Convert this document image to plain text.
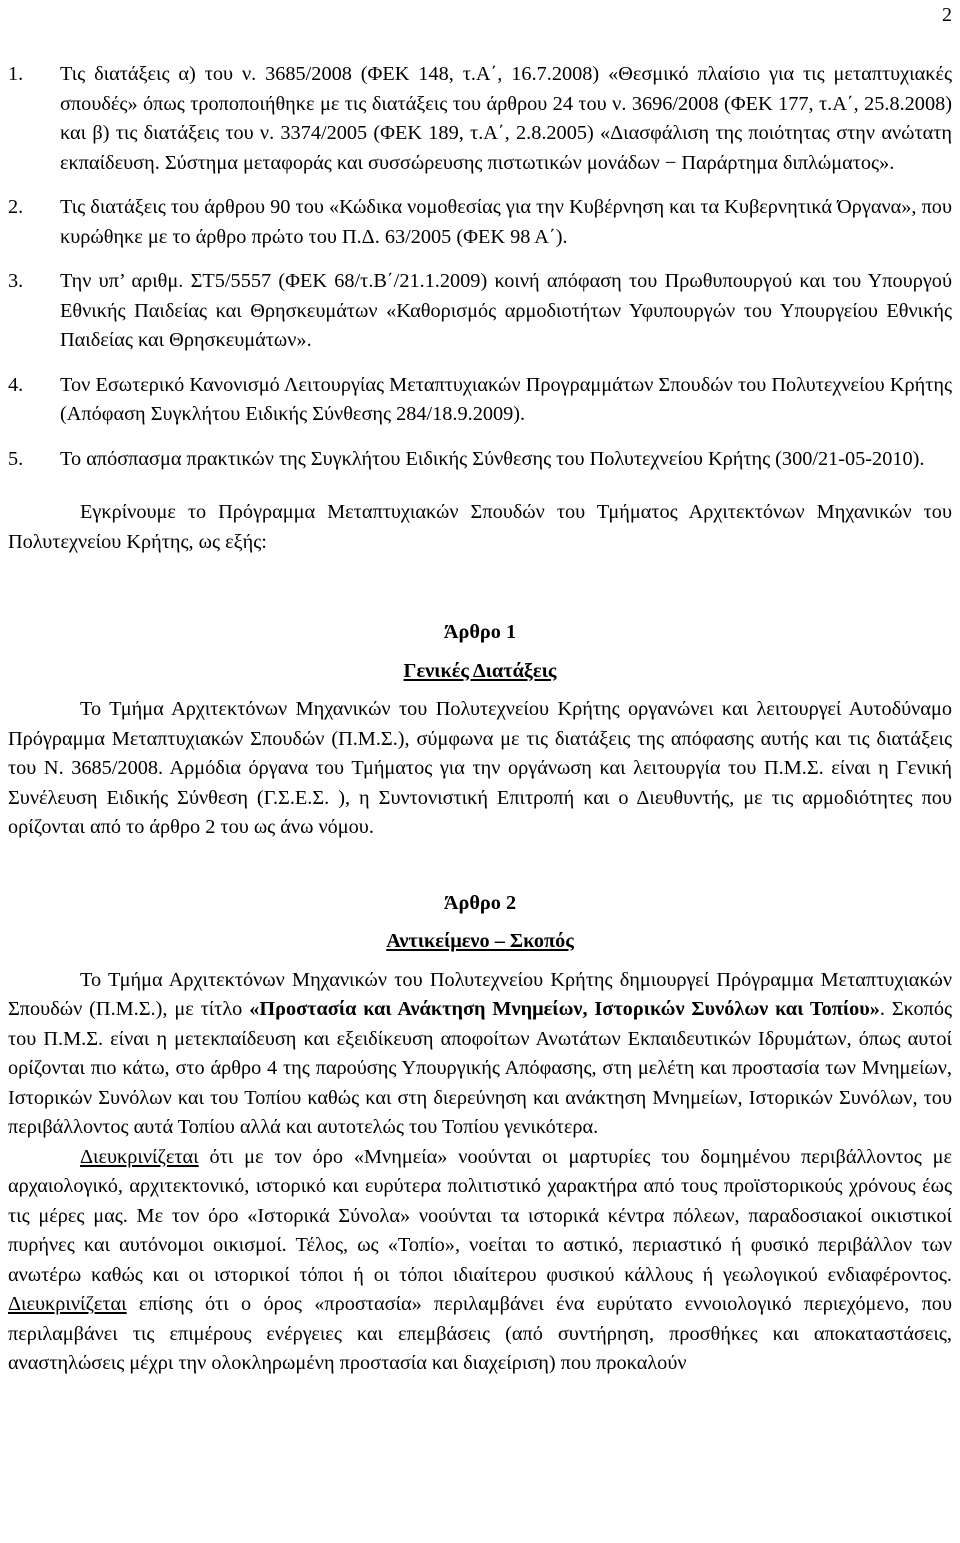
2
1. Τις διατάξεις α) του ν. 3685/2008 (ΦΕΚ 148, τ.Α΄, 16.7.2008) «Θεσμικό πλαίσιο για τις μεταπτυχιακές σπουδές» όπως τροποποιήθηκε με τις διατάξεις του άρθρου 24 του ν. 3696/2008 (ΦΕΚ 177, τ.Α΄, 25.8.2008) και β) τις διατάξεις του ν. 3374/2005 (ΦΕΚ 189, τ.Α΄, 2.8.2005) «Διασφάλιση της ποιότητας στην ανώτατη εκπαίδευση. Σύστημα μεταφοράς και συσσώρευσης πιστωτικών μονάδων − Παράρτημα διπλώματος».
2. Τις διατάξεις του άρθρου 90 του «Κώδικα νομοθεσίας για την Κυβέρνηση και τα Κυβερνητικά Όργανα», που κυρώθηκε με το άρθρο πρώτο του Π.Δ. 63/2005 (ΦΕΚ 98 Α΄).
3. Την υπ’ αριθμ. ΣΤ5/5557 (ΦΕΚ 68/τ.Β΄/21.1.2009) κοινή απόφαση του Πρωθυπουργού και του Υπουργού Εθνικής Παιδείας και Θρησκευμάτων «Καθορισμός αρμοδιοτήτων Υφυπουργών του Υπουργείου Εθνικής Παιδείας και Θρησκευμάτων».
4. Τον Εσωτερικό Κανονισμό Λειτουργίας Μεταπτυχιακών Προγραμμάτων Σπουδών του Πολυτεχνείου Κρήτης (Απόφαση Συγκλήτου Ειδικής Σύνθεσης 284/18.9.2009).
5. Το απόσπασμα πρακτικών της Συγκλήτου Ειδικής Σύνθεσης του Πολυτεχνείου Κρήτης (300/21-05-2010).

Εγκρίνουμε το Πρόγραμμα Μεταπτυχιακών Σπουδών του Τμήματος Αρχιτεκτόνων Μηχανικών του Πολυτεχνείου Κρήτης, ως εξής:

Άρθρο 1
Γενικές Διατάξεις

Το Τμήμα Αρχιτεκτόνων Μηχανικών του Πολυτεχνείου Κρήτης οργανώνει και λειτουργεί Αυτοδύναμο Πρόγραμμα Μεταπτυχιακών Σπουδών (Π.Μ.Σ.), σύμφωνα με τις διατάξεις της απόφασης αυτής και τις διατάξεις του Ν. 3685/2008. Αρμόδια όργανα του Τμήματος για την οργάνωση και λειτουργία του Π.Μ.Σ. είναι η Γενική Συνέλευση Ειδικής Σύνθεση (Γ.Σ.Ε.Σ. ), η Συντονιστική Επιτροπή και ο Διευθυντής, με τις αρμοδιότητες που ορίζονται από το άρθρο 2 του ως άνω νόμου.

Άρθρο 2
Αντικείμενο – Σκοπός

Το Τμήμα Αρχιτεκτόνων Μηχανικών του Πολυτεχνείου Κρήτης δημιουργεί Πρόγραμμα Μεταπτυχιακών Σπουδών (Π.Μ.Σ.), με τίτλο «Προστασία και Ανάκτηση Μνημείων, Ιστορικών Συνόλων και Τοπίου». Σκοπός του Π.Μ.Σ. είναι η μετεκπαίδευση και εξειδίκευση αποφοίτων Ανωτάτων Εκπαιδευτικών Ιδρυμάτων, όπως αυτοί ορίζονται πιο κάτω, στο άρθρο 4 της παρούσης Υπουργικής Απόφασης, στη μελέτη και προστασία των Μνημείων, Ιστορικών Συνόλων και του Τοπίου καθώς και στη διερεύνηση και ανάκτηση Μνημείων, Ιστορικών Συνόλων, του περιβάλλοντος αυτά Τοπίου αλλά και αυτοτελώς του Τοπίου γενικότερα.

Διευκρινίζεται ότι με τον όρο «Μνημεία» νοούνται οι μαρτυρίες του δομημένου περιβάλλοντος με αρχαιολογικό, αρχιτεκτονικό, ιστορικό και ευρύτερα πολιτιστικό χαρακτήρα από τους προϊστορικούς χρόνους έως τις μέρες μας. Με τον όρο «Ιστορικά Σύνολα» νοούνται τα ιστορικά κέντρα πόλεων, παραδοσιακοί οικιστικοί πυρήνες και αυτόνομοι οικισμοί. Τέλος, ως «Τοπίο», νοείται το αστικό, περιαστικό ή φυσικό περιβάλλον των ανωτέρω καθώς και οι ιστορικοί τόποι ή οι τόποι ιδιαίτερου φυσικού κάλλους ή γεωλογικού ενδιαφέροντος. Διευκρινίζεται επίσης ότι ο όρος «προστασία» περιλαμβάνει ένα ευρύτατο εννοιολογικό περιεχόμενο, που περιλαμβάνει τις επιμέρους ενέργειες και επεμβάσεις (από συντήρηση, προσθήκες και αποκαταστάσεις, αναστηλώσεις μέχρι την ολοκληρωμένη προστασία και διαχείριση) που προκαλούν
